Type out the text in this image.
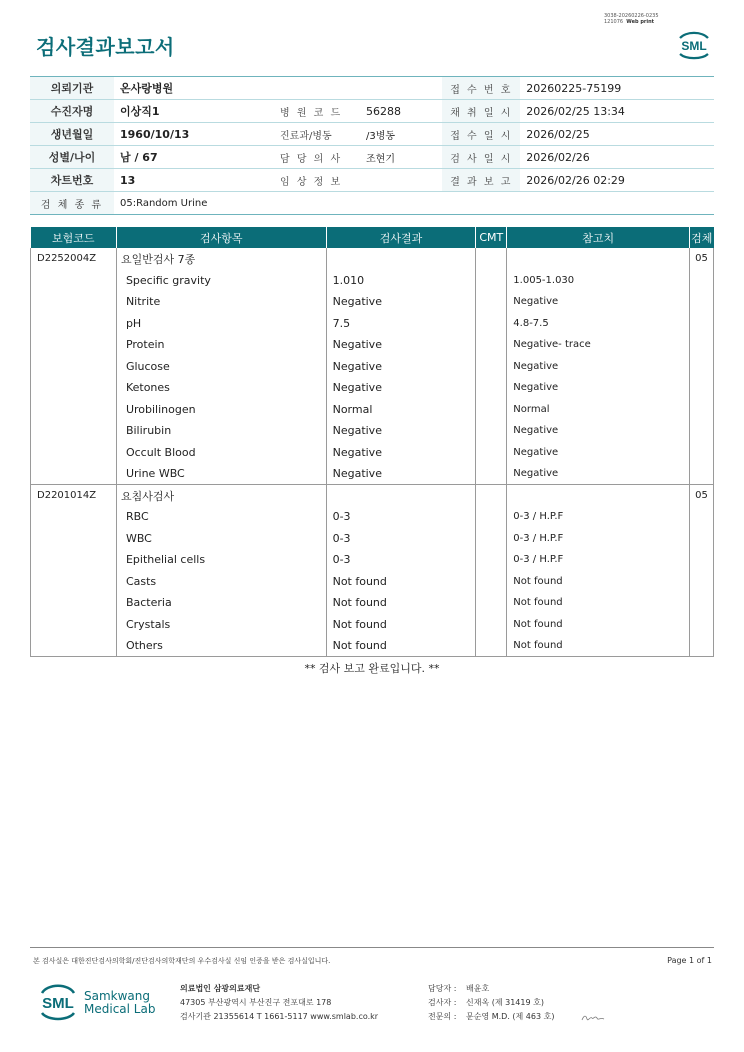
3038-20260226-0235
121076 Web print
검사결과보고서	SML
의뢰기관	온사랑병원			접 수 번 호	20260225-75199
수진자명	이상직1	병 원 코 드	56288	채 취 일 시	2026/02/25 13:34
생년월일	1960/10/13	진료과/병동	/3병동	접 수 일 시	2026/02/25
성별/나이	남 / 67	담 당 의 사	조현기	검 사 일 시	2026/02/26
차트번호	13	임 상 정 보		결 과 보 고	2026/02/26 02:29
검 체 종 류	05:Random Urine				
보험코드	검사항목	검사결과	CMT	참고치	검체
D2252004Z	요일반검사 7종				05
	Specific gravity	1.010		1.005-1.030	
	Nitrite	Negative		Negative	
	pH	7.5		4.8-7.5	
	Protein	Negative		Negative- trace	
	Glucose	Negative		Negative	
	Ketones	Negative		Negative	
	Urobilinogen	Normal		Normal	
	Bilirubin	Negative		Negative	
	Occult Blood	Negative		Negative	
	Urine WBC	Negative		Negative	
D2201014Z	요침사검사				05
	RBC	0-3		0-3 / H.P.F	
	WBC	0-3		0-3 / H.P.F	
	Epithelial cells	0-3		0-3 / H.P.F	
	Casts	Not found		Not found	
	Bacteria	Not found		Not found	
	Crystals	Not found		Not found	
	Others	Not found		Not found	
** 검사 보고 완료입니다. **
본 검사실은 대한진단검사의학회/진단검사의학재단의 우수검사실 신임 인증을 받은 검사실입니다.	Page 1 of 1
SML Samkwang
Medical Lab
의료법인 삼광의료재단
47305 부산광역시 부산진구 전포대로 178
검사기관 21355614 T 1661-5117 www.smlab.co.kr
담당자 : 배윤호
검사자 : 신재옥 (제 31419 호)
전문의 : 문순영 M.D. (제 463 호)
